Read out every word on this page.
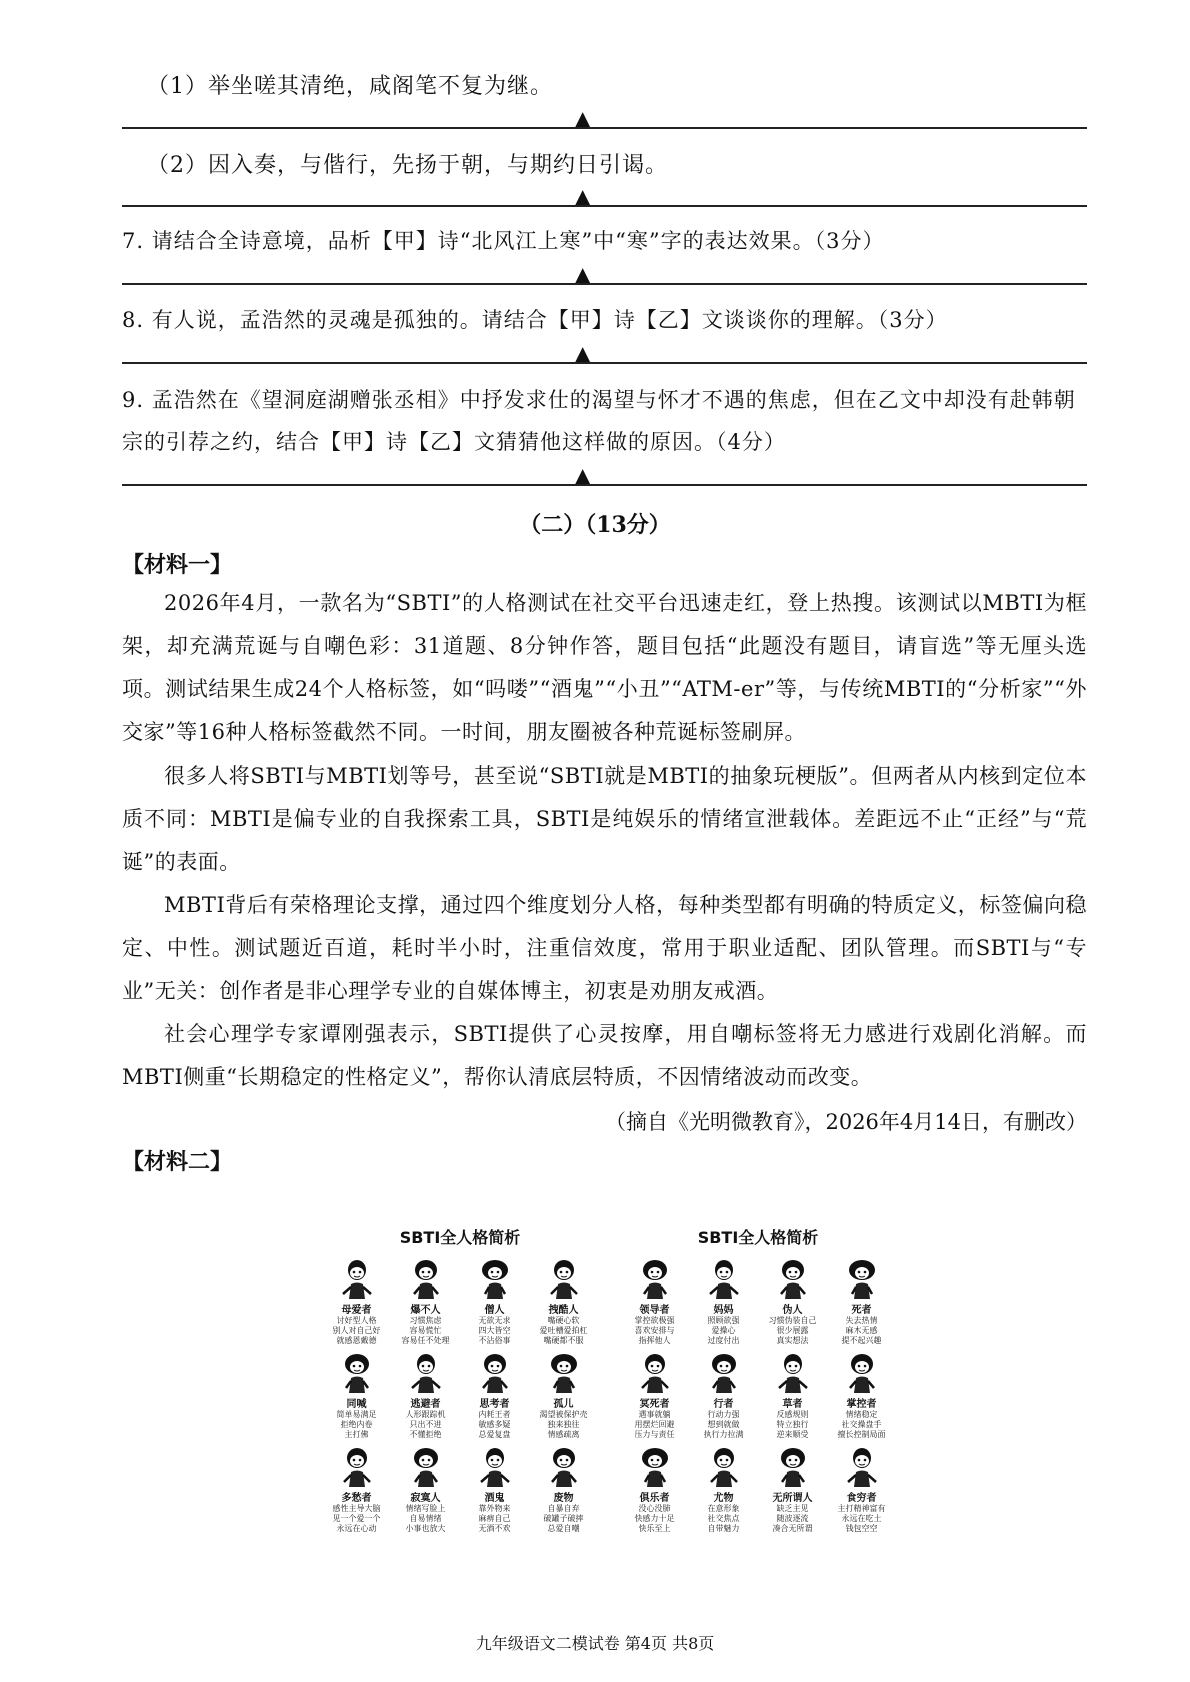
（1）举坐嗟其清绝，咸阁笔不复为继。
▲
（2）因入奏，与偕行，先扬于朝，与期约日引谒。
▲
7. 请结合全诗意境，品析【甲】诗“北风江上寒”中“寒”字的表达效果。（3分）
▲
8. 有人说，孟浩然的灵魂是孤独的。请结合【甲】诗【乙】文谈谈你的理解。（3分）
▲
9. 孟浩然在《望洞庭湖赠张丞相》中抒发求仕的渴望与怀才不遇的焦虑，但在乙文中却没有赴韩朝
宗的引荐之约，结合【甲】诗【乙】文猜猜他这样做的原因。（4分）
▲
（二）（13分）
【材料一】
2026年4月，一款名为“SBTI”的人格测试在社交平台迅速走红，登上热搜。该测试以MBTI为框架，却充满荒诞与自嘲色彩：31道题、8分钟作答，题目包括“此题没有题目，请盲选”等无厘头选项。测试结果生成24个人格标签，如“吗喽”“酒鬼”“小丑”“ATM-er”等，与传统MBTI的“分析家”“外交家”等16种人格标签截然不同。一时间，朋友圈被各种荒诞标签刷屏。
很多人将SBTI与MBTI划等号，甚至说“SBTI就是MBTI的抽象玩梗版”。但两者从内核到定位本质不同：MBTI是偏专业的自我探索工具，SBTI是纯娱乐的情绪宣泄载体。差距远不止“正经”与“荒诞”的表面。
MBTI背后有荣格理论支撑，通过四个维度划分人格，每种类型都有明确的特质定义，标签偏向稳定、中性。测试题近百道，耗时半小时，注重信效度，常用于职业适配、团队管理。而SBTI与“专业”无关：创作者是非心理学专业的自媒体博主，初衷是劝朋友戒酒。
社会心理学专家谭刚强表示，SBTI提供了心灵按摩，用自嘲标签将无力感进行戏剧化消解。而MBTI侧重“长期稳定的性格定义”，帮你认清底层特质，不因情绪波动而改变。
（摘自《光明微教育》，2026年4月14日，有删改）
【材料二】
SBTI全人格简析
母爱者
讨好型人格
别人对自己好
就感恩戴德
爆不人
习惯焦虑
容易慌忙
容易任不处理
僧人
无欲无求
四大皆空
不沾俗事
拽酷人
嘴硬心软
爱吐槽爱拍杠
嘴硬都不服
同喊
简单易满足
拒绝内卷
主打佛
逃避者
人形跟踪机
只出不进
不懂拒绝
思考者
内耗王者
敏感多疑
总爱复盘
孤儿
渴望被保护壳
独来独往
情感疏离
多愁者
感性主导大脑
见一个爱一个
永远在心动
寂寞人
情绪写脸上
自易情绪
小事也放大
酒鬼
靠外物来
麻痹自己
无酒不欢
废物
自暴自弃
破罐子破摔
总爱自嘲
SBTI全人格简析
领导者
掌控欲极强
喜欢安排与
指挥他人
妈妈
照顾欲强
爱操心
过度付出
伪人
习惯伪装自己
很少展露
真实想法
死者
失去热情
麻木无感
提不起兴趣
冥死者
遇事就躺
用摆烂回避
压力与责任
行者
行动力强
想到就做
执行力拉满
草者
反感规则
特立独行
逆来顺受
掌控者
情绪稳定
社交操盘手
擅长控制局面
俱乐者
没心没肺
快感力十足
快乐至上
尤物
在意形象
社交焦点
自带魅力
无所谓人
缺乏主见
随波逐流
凑合无所谓
食穷者
主打精神富有
永远在吃土
钱包空空
九年级语文二模试卷 第4页 共8页
